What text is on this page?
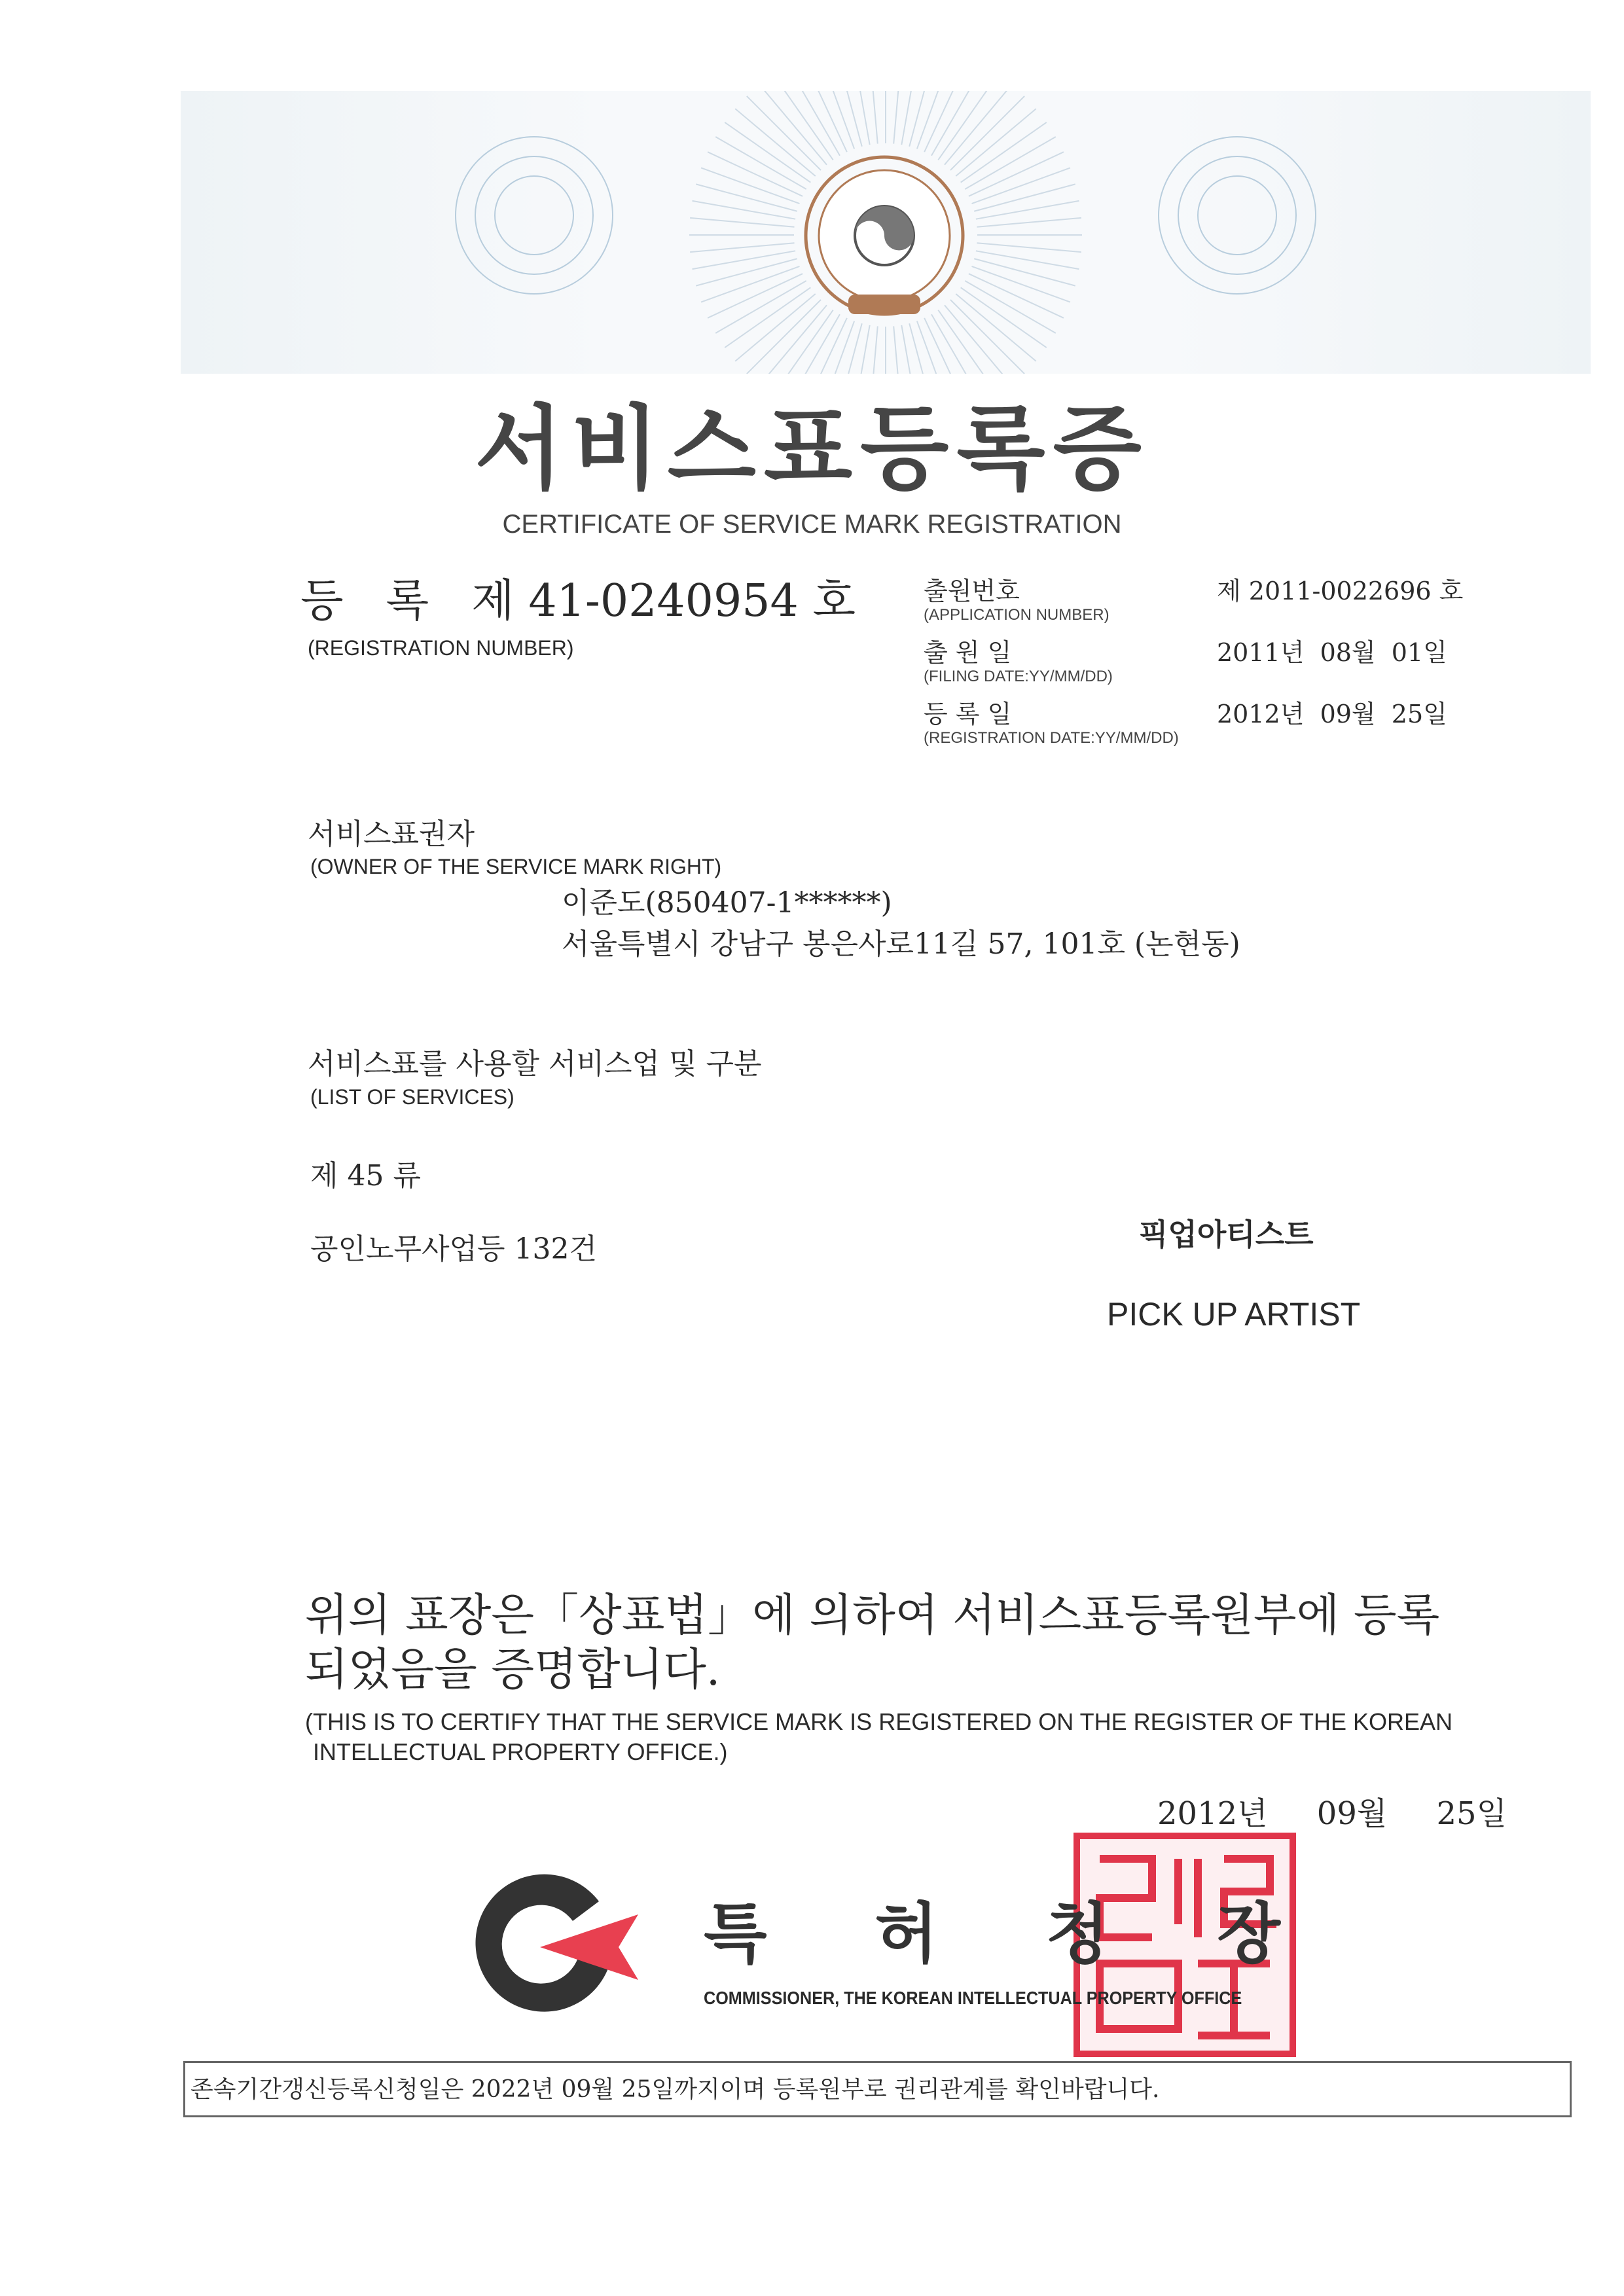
서비스표등록증
CERTIFICATE OF SERVICE MARK REGISTRATION
등   록   제 41-0240954 호
(REGISTRATION NUMBER)
출원번호
(APPLICATION NUMBER)
제 2011-0022696 호
출 원 일
(FILING DATE:YY/MM/DD)
2011년  08월  01일
등 록 일
(REGISTRATION DATE:YY/MM/DD)
2012년  09월  25일
서비스표권자
(OWNER OF THE SERVICE MARK RIGHT)
이준도(850407-1******)
서울특별시 강남구 봉은사로11길 57, 101호 (논현동)
서비스표를 사용할 서비스업 및 구분
(LIST OF SERVICES)
제 45 류
공인노무사업등 132건	픽업아티스트
PICK UP ARTIST
위의 표장은「상표법」에 의하여 서비스표등록원부에 등록
되었음을 증명합니다.
(THIS IS TO CERTIFY THAT THE SERVICE MARK IS REGISTERED ON THE REGISTER OF THE KOREAN
INTELLECTUAL PROPERTY OFFICE.)
2012년 09월 25일
특 허 청 장
COMMISSIONER, THE KOREAN INTELLECTUAL PROPERTY OFFICE
존속기간갱신등록신청일은 2022년 09월 25일까지이며 등록원부로 권리관계를 확인바랍니다.
